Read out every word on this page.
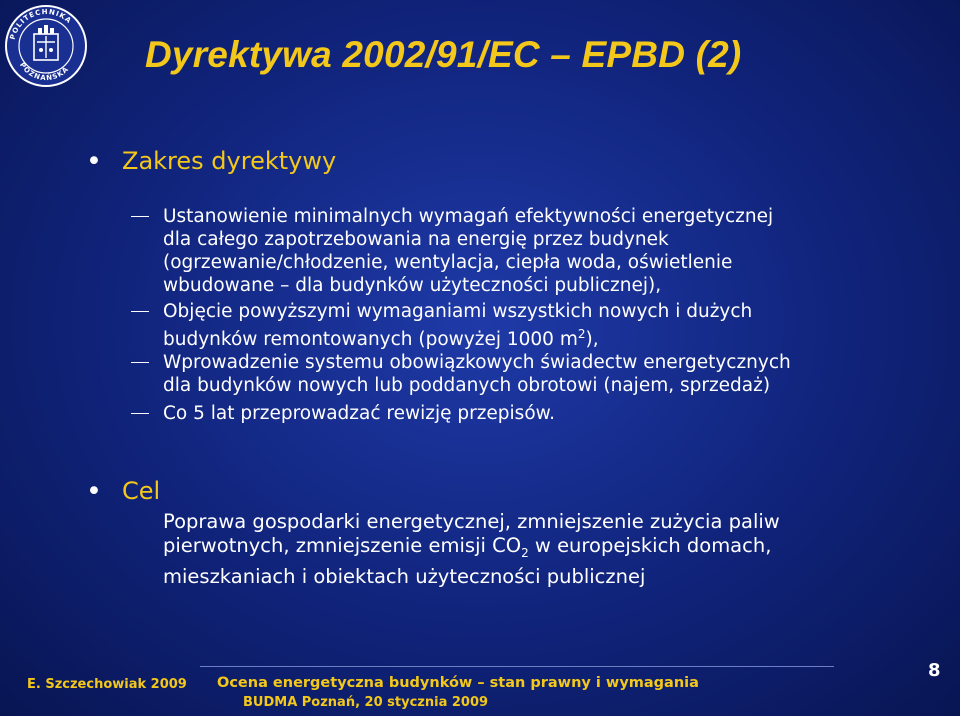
POLITECHNIKA
POZNAŃSKA Dyrektywa 2002/91/EC – EPBD (2)
• Zakres dyrektywy
Ustanowienie minimalnych wymagań efektywności energetycznej
dla całego zapotrzebowania na energię przez budynek
(ogrzewanie/chłodzenie, wentylacja, ciepła woda, oświetlenie
wbudowane – dla budynków użyteczności publicznej),
Objęcie powyższymi wymaganiami wszystkich nowych i dużych
budynków remontowanych (powyżej 1000 $m^2$),
Wprowadzenie systemu obowiązkowych świadectw energetycznych
dla budynków nowych lub poddanych obrotowi (najem, sprzedaż)
Co 5 lat przeprowadzać rewizję przepisów.
• Cel
Poprawa gospodarki energetycznej, zmniejszenie zużycia paliw pierwotnych, zmniejszenie emisji $CO_2$ w europejskich domach, mieszkaniach i obiektach użyteczności publicznej
E. Szczechowiak 2009 Ocena energetyczna budynków – stan prawny i wymagania
BUDMA Poznań, 20 stycznia 2009
8
